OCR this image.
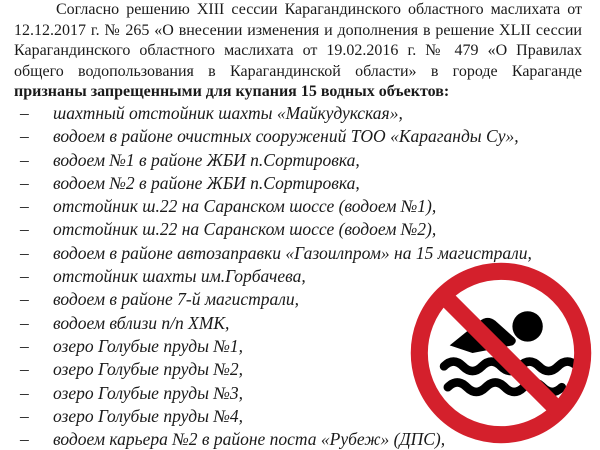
Согласно решению XIII сессии Карагандинского областного маслихата от 12.12.2017 г. № 265 «О внесении изменения и дополнения в решение XLII сессии Карагандинского областного маслихата от 19.02.2016 г. № 479 «О Правилах общего водопользования в Карагандинской области» в городе Караганде признаны запрещенными для купания 15 водных объектов:

–	шахтный отстойник шахты «Майкудукская»,
–	водоем в районе очистных сооружений ТОО «Караганды Су»,
–	водоем №1 в районе ЖБИ п.Сортировка,
–	водоем №2 в районе ЖБИ п.Сортировка,
–	отстойник ш.22 на Саранском шоссе (водоем №1),
–	отстойник ш.22 на Саранском шоссе (водоем №2),
–	водоем в районе автозаправки «Газоилпром» на 15 магистрали,
–	отстойник шахты им.Горбачева,
–	водоем в районе 7-й магистрали,
–	водоем вблизи п/п ХМК,
–	озеро Голубые пруды №1,
–	озеро Голубые пруды №2,
–	озеро Голубые пруды №3,
–	озеро Голубые пруды №4,
–	водоем карьера №2 в районе поста «Рубеж» (ДПС),
